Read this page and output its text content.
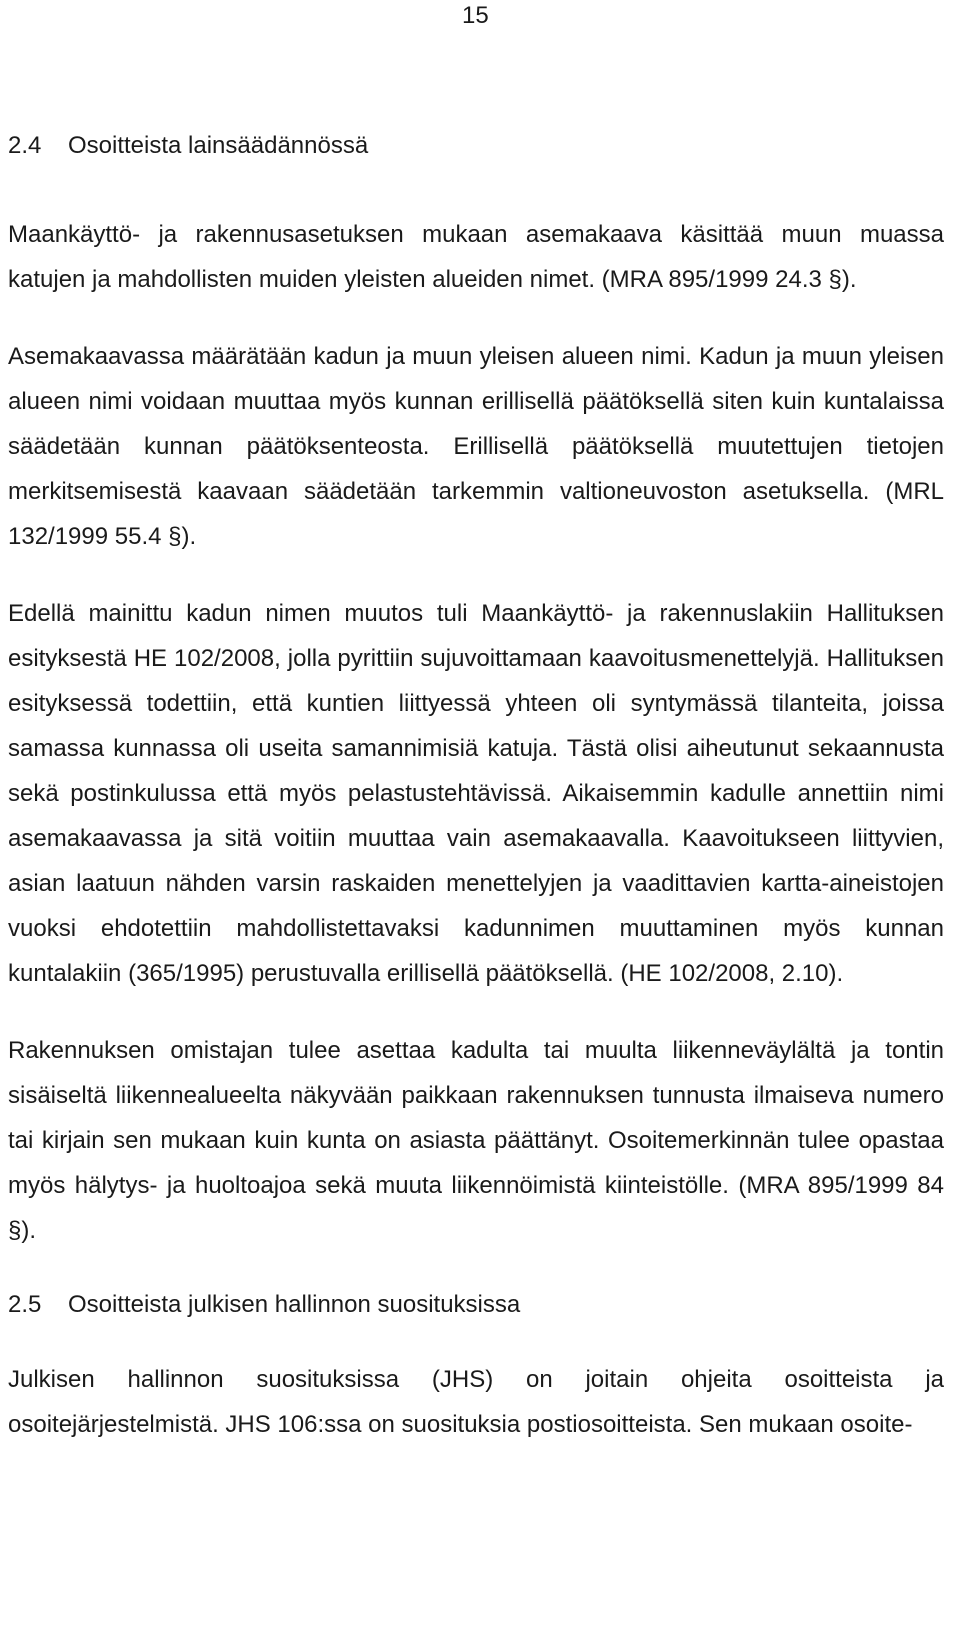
15
2.4 Osoitteista lainsäädännössä

Maankäyttö- ja rakennusasetuksen mukaan asemakaava käsittää muun muassa katujen ja mahdollisten muiden yleisten alueiden nimet. (MRA 895/1999 24.3 §).

Asemakaavassa määrätään kadun ja muun yleisen alueen nimi. Kadun ja muun yleisen alueen nimi voidaan muuttaa myös kunnan erillisellä päätöksellä siten kuin kuntalaissa säädetään kunnan päätöksenteosta. Erillisellä päätöksellä muutettujen tietojen merkitsemisestä kaavaan säädetään tarkemmin valtioneuvoston asetuksella. (MRL 132/1999 55.4 §).

Edellä mainittu kadun nimen muutos tuli Maankäyttö- ja rakennuslakiin Hallituksen esityksestä HE 102/2008, jolla pyrittiin sujuvoittamaan kaavoitusmenettelyjä. Hallituksen esityksessä todettiin, että kuntien liittyessä yhteen oli syntymässä tilanteita, joissa samassa kunnassa oli useita samannimisiä katuja. Tästä olisi aiheutunut sekaannusta sekä postinkulussa että myös pelastustehtävissä. Aikaisemmin kadulle annettiin nimi asemakaavassa ja sitä voitiin muuttaa vain asemakaavalla. Kaavoitukseen liittyvien, asian laatuun nähden varsin raskaiden menettelyjen ja vaadittavien kartta-aineistojen vuoksi ehdotettiin mahdollistettavaksi kadunnimen muuttaminen myös kunnan kuntalakiin (365/1995) perustuvalla erillisellä päätöksellä. (HE 102/2008, 2.10).

Rakennuksen omistajan tulee asettaa kadulta tai muulta liikenneväylältä ja tontin sisäiseltä liikennealueelta näkyvään paikkaan rakennuksen tunnusta ilmaiseva numero tai kirjain sen mukaan kuin kunta on asiasta päättänyt. Osoitemerkinnän tulee opastaa myös hälytys- ja huoltoajoa sekä muuta liikennöimistä kiinteistölle. (MRA 895/1999 84 §).

2.5 Osoitteista julkisen hallinnon suosituksissa

Julkisen hallinnon suosituksissa (JHS) on joitain ohjeita osoitteista ja osoitejärjestelmistä. JHS 106:ssa on suosituksia postiosoitteista. Sen mukaan osoite-
